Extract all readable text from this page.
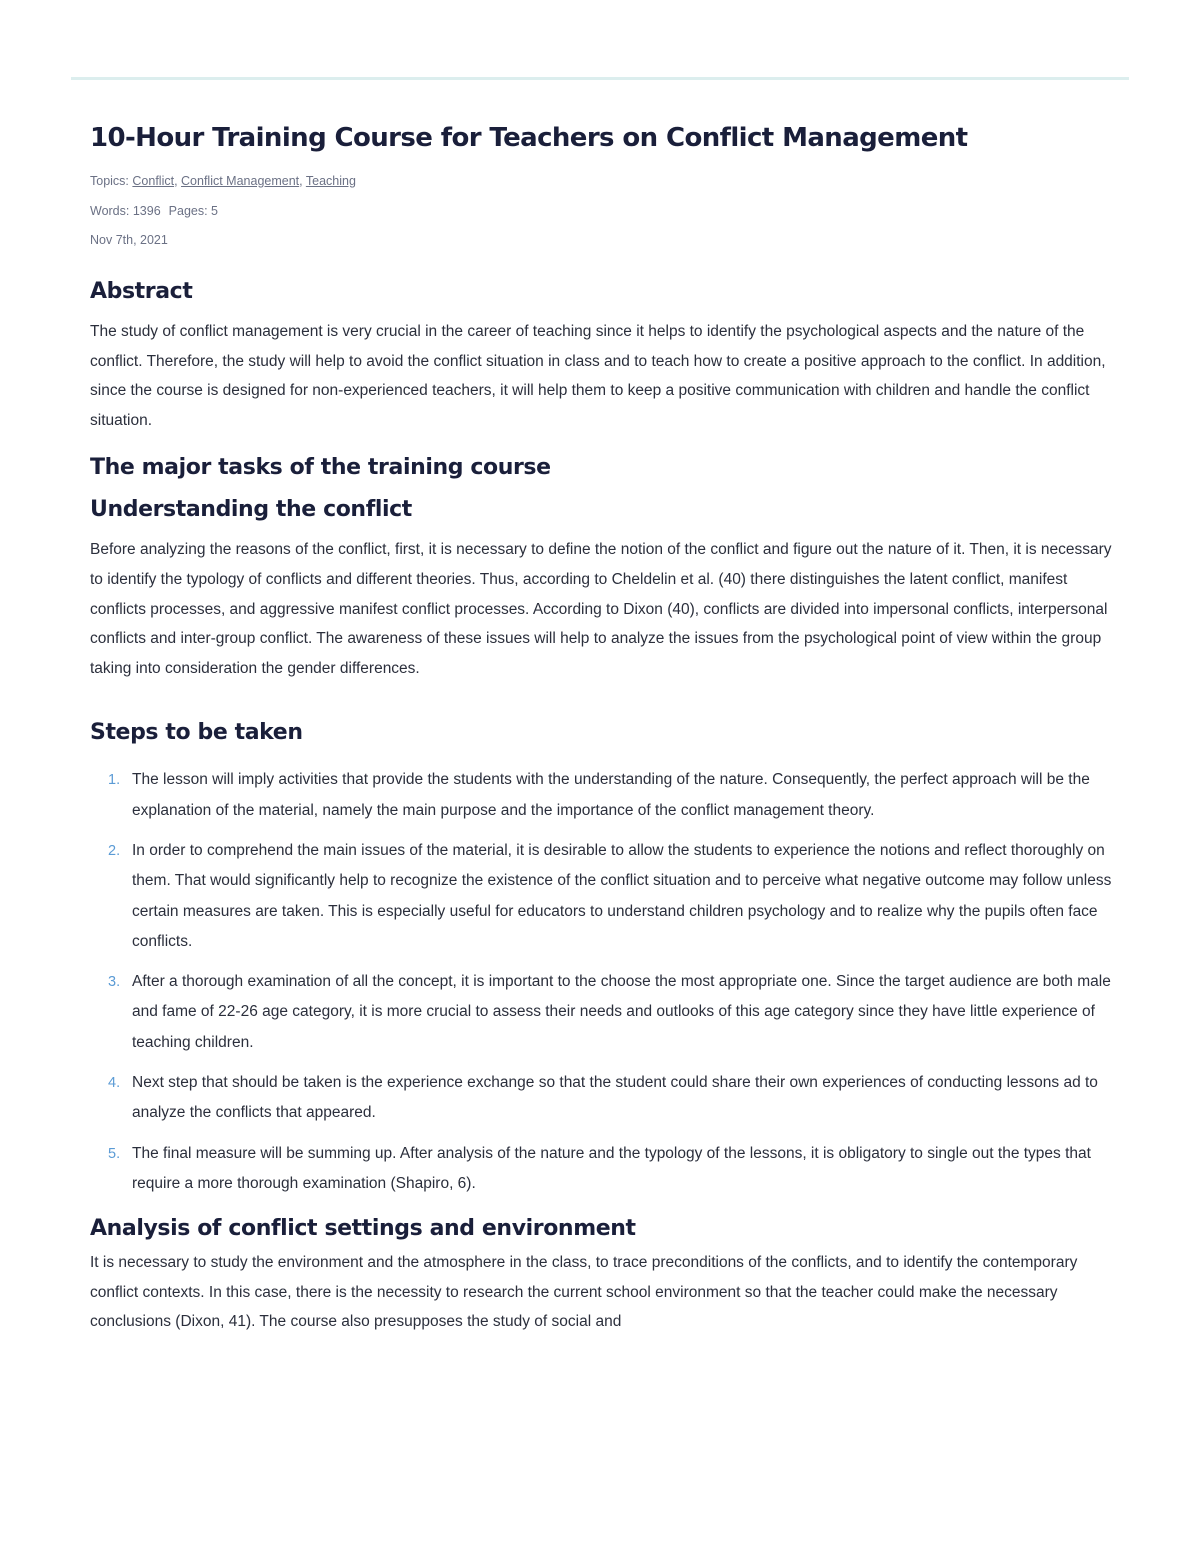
10-Hour Training Course for Teachers on Conflict Management
Topics: Conflict, Conflict Management, Teaching
Words: 1396 Pages: 5
Nov 7th, 2021
Abstract

The study of conflict management is very crucial in the career of teaching since it helps to identify the psychological aspects and the nature of the conflict. Therefore, the study will help to avoid the conflict situation in class and to teach how to create a positive approach to the conflict. In addition, since the course is designed for non-experienced teachers, it will help them to keep a positive communication with children and handle the conflict situation.

The major tasks of the training course
Understanding the conflict

Before analyzing the reasons of the conflict, first, it is necessary to define the notion of the conflict and figure out the nature of it. Then, it is necessary to identify the typology of conflicts and different theories. Thus, according to Cheldelin et al. (40) there distinguishes the latent conflict, manifest conflicts processes, and aggressive manifest conflict processes. According to Dixon (40), conflicts are divided into impersonal conflicts, interpersonal conflicts and inter-group conflict. The awareness of these issues will help to analyze the issues from the psychological point of view within the group taking into consideration the gender differences.

Steps to be taken
1. The lesson will imply activities that provide the students with the understanding of the nature. Consequently, the perfect approach will be the explanation of the material, namely the main purpose and the importance of the conflict management theory.
2. In order to comprehend the main issues of the material, it is desirable to allow the students to experience the notions and reflect thoroughly on them. That would significantly help to recognize the existence of the conflict situation and to perceive what negative outcome may follow unless certain measures are taken. This is especially useful for educators to understand children psychology and to realize why the pupils often face conflicts.
3. After a thorough examination of all the concept, it is important to the choose the most appropriate one. Since the target audience are both male and fame of 22-26 age category, it is more crucial to assess their needs and outlooks of this age category since they have little experience of teaching children.
4. Next step that should be taken is the experience exchange so that the student could share their own experiences of conducting lessons ad to analyze the conflicts that appeared.
5. The final measure will be summing up. After analysis of the nature and the typology of the lessons, it is obligatory to single out the types that require a more thorough examination (Shapiro, 6).
Analysis of conflict settings and environment

It is necessary to study the environment and the atmosphere in the class, to trace preconditions of the conflicts, and to identify the contemporary conflict contexts. In this case, there is the necessity to research the current school environment so that the teacher could make the necessary conclusions (Dixon, 41). The course also presupposes the study of social and
